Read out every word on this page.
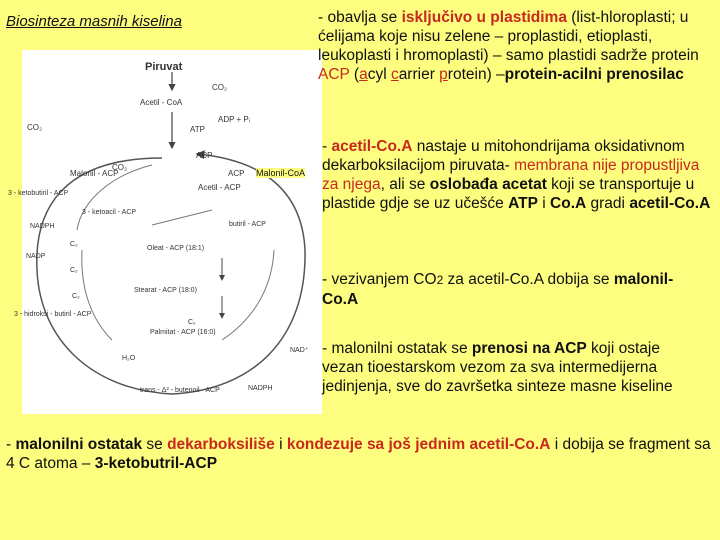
Biosinteza masnih kiselina
Piruvat
CO₂
Acetil - CoA
CO₂	ATP
ADP + Pᵢ
CO₂
ACP
ACP
Malonil - ACP
Acetil - ACP
3 - ketobutiril - ACP
3 - ketoacil - ACP
butiril - ACP
NADPH
C₂
NADP
Oleat - ACP (18:1)
Stearat - ACP (18:0)
C₂
C₂
3 - hidroksi - butiril - ACP
C₂
Palmitat - ACP (16:0)
H₂O
NAD⁺
trans - Δ² - butenoil - ACP	NADPH
Malonil-CoA
- obavlja se isključivo u plastidima (list-hloroplasti; u ćelijama koje nisu zelene – proplastidi, etioplasti, leukoplasti i hromoplasti) – samo plastidi sadrže protein ACP (acyl carrier protein) –protein-acilni prenosilac
- acetil-Co.A nastaje u mitohondrijama oksidativnom dekarboksilacijom piruvata- membrana nije propustljiva za njega, ali se oslobađa acetat koji se transportuje u plastide gdje se uz učešće ATP i Co.A gradi acetil-Co.A
- vezivanjem CO2 za acetil-Co.A dobija se malonil-Co.A
- malonilni ostatak se prenosi na ACP koji ostaje vezan tioestarskom vezom za sva intermedijerna jedinjenja, sve do završetka sinteze masne kiseline
- malonilni ostatak se dekarboksiliše i kondezuje sa još jednim acetil-Co.A i dobija se fragment sa 4 C atoma – 3-ketobutril-ACP
